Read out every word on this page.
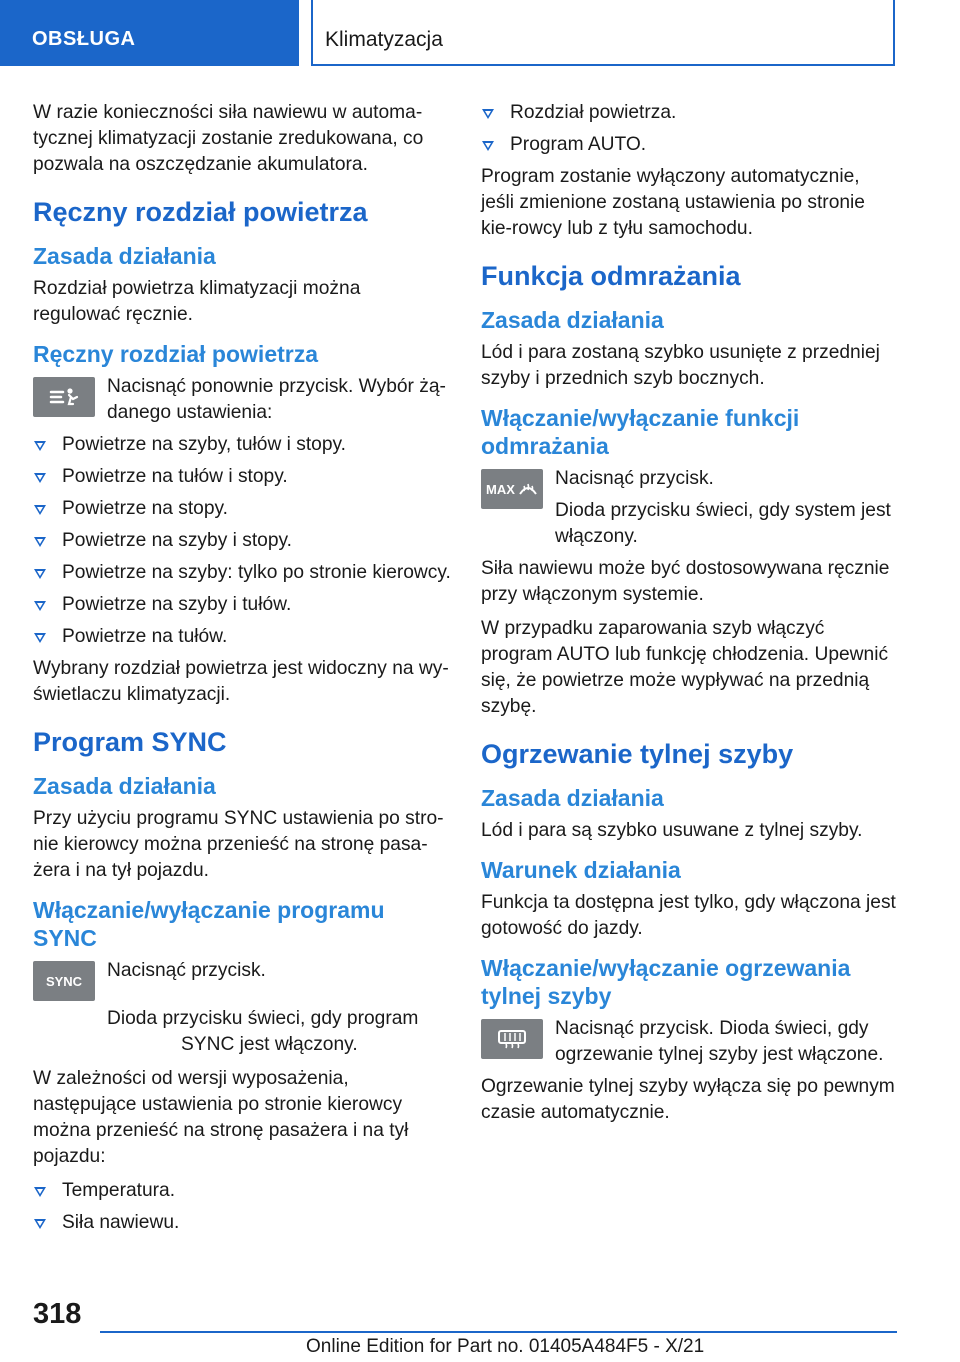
OBSŁUGA	Klimatyzacja

W razie konieczności siła nawiewu w automa-tycznej klimatyzacji zostanie zredukowana, co pozwala na oszczędzanie akumulatora.

Ręczny rozdział powietrza
Zasada działania

Rozdział powietrza klimatyzacji można regulować ręcznie.

Ręczny rozdział powietrza

Nacisnąć ponownie przycisk. Wybór żą-danego ustawienia:

Powietrze na szyby, tułów i stopy.
Powietrze na tułów i stopy.
Powietrze na stopy.
Powietrze na szyby i stopy.
Powietrze na szyby: tylko po stronie kierowcy.
Powietrze na szyby i tułów.
Powietrze na tułów.

Wybrany rozdział powietrza jest widoczny na wy-świetlaczu klimatyzacji.

Program SYNC
Zasada działania

Przy użyciu programu SYNC ustawienia po stro-nie kierowcy można przenieść na stronę pasa-żera i na tył pojazdu.

Włączanie/wyłączanie programu SYNC
SYNC Nacisnąć przycisk.

Dioda przycisku świeci, gdy program SYNC jest włączony.

W zależności od wersji wyposażenia, następujące ustawienia po stronie kierowcy można przenieść na stronę pasażera i na tył pojazdu:

Temperatura.
Siła nawiewu.
Rozdział powietrza.
Program AUTO.

Program zostanie wyłączony automatycznie, jeśli zmienione zostaną ustawienia po stronie kie-rowcy lub z tyłu samochodu.

Funkcja odmrażania
Zasada działania

Lód i para zostaną szybko usunięte z przedniej szyby i przednich szyb bocznych.

Włączanie/wyłączanie funkcji odmrażania
MAX Nacisnąć przycisk.

Dioda przycisku świeci, gdy system jest włączony.

Siła nawiewu może być dostosowywana ręcznie przy włączonym systemie.

W przypadku zaparowania szyb włączyć program AUTO lub funkcję chłodzenia. Upewnić się, że powietrze może wypływać na przednią szybę.

Ogrzewanie tylnej szyby
Zasada działania

Lód i para są szybko usuwane z tylnej szyby.

Warunek działania

Funkcja ta dostępna jest tylko, gdy włączona jest gotowość do jazdy.

Włączanie/wyłączanie ogrzewania tylnej szyby

Nacisnąć przycisk. Dioda świeci, gdy ogrzewanie tylnej szyby jest włączone.

Ogrzewanie tylnej szyby wyłącza się po pewnym czasie automatycznie.

318
Online Edition for Part no. 01405A484F5 - X/21
